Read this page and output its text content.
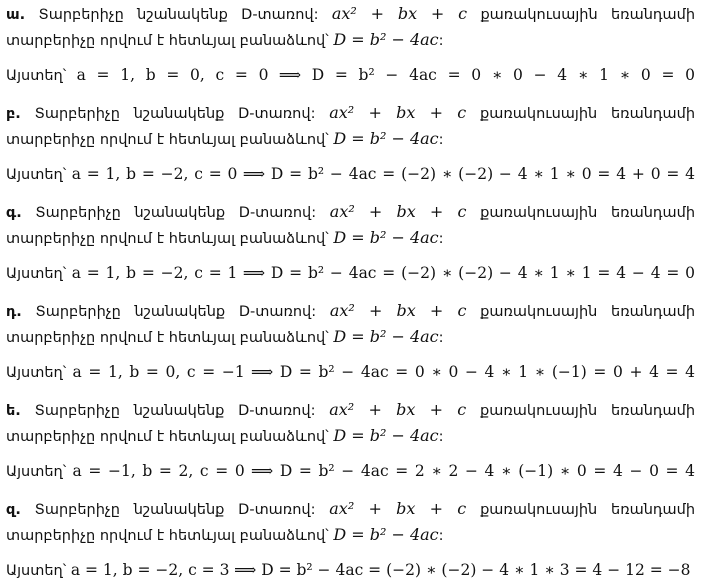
ա. Տարբերիչը նշանակենք D-տառով: ax² + bx + c քառակուսային եռանդամի տարբերիչը որվում է հետևյալ բանաձևով՝ D = b² − 4ac:

Այստեղ՝ a = 1, b = 0, c = 0 ⟹ D = b² − 4ac = 0 ∗ 0 − 4 ∗ 1 ∗ 0 = 0

բ. Տարբերիչը նշանակենք D-տառով: ax² + bx + c քառակուսային եռանդամի տարբերիչը որվում է հետևյալ բանաձևով՝ D = b² − 4ac:

Այստեղ՝ a = 1, b = −2, c = 0 ⟹ D = b² − 4ac = (−2) ∗ (−2) − 4 ∗ 1 ∗ 0 = 4 + 0 = 4

գ. Տարբերիչը նշանակենք D-տառով: ax² + bx + c քառակուսային եռանդամի տարբերիչը որվում է հետևյալ բանաձևով՝ D = b² − 4ac:

Այստեղ՝ a = 1, b = −2, c = 1 ⟹ D = b² − 4ac = (−2) ∗ (−2) − 4 ∗ 1 ∗ 1 = 4 − 4 = 0

դ. Տարբերիչը նշանակենք D-տառով: ax² + bx + c քառակուսային եռանդամի տարբերիչը որվում է հետևյալ բանաձևով՝ D = b² − 4ac:

Այստեղ՝ a = 1, b = 0, c = −1 ⟹ D = b² − 4ac = 0 ∗ 0 − 4 ∗ 1 ∗ (−1) = 0 + 4 = 4

ե. Տարբերիչը նշանակենք D-տառով: ax² + bx + c քառակուսային եռանդամի տարբերիչը որվում է հետևյալ բանաձևով՝ D = b² − 4ac:

Այստեղ՝ a = −1, b = 2, c = 0 ⟹ D = b² − 4ac = 2 ∗ 2 − 4 ∗ (−1) ∗ 0 = 4 − 0 = 4

զ. Տարբերիչը նշանակենք D-տառով: ax² + bx + c քառակուսային եռանդամի տարբերիչը որվում է հետևյալ բանաձևով՝ D = b² − 4ac:

Այստեղ՝ a = 1, b = −2, c = 3 ⟹ D = b² − 4ac = (−2) ∗ (−2) − 4 ∗ 1 ∗ 3 = 4 − 12 = −8
